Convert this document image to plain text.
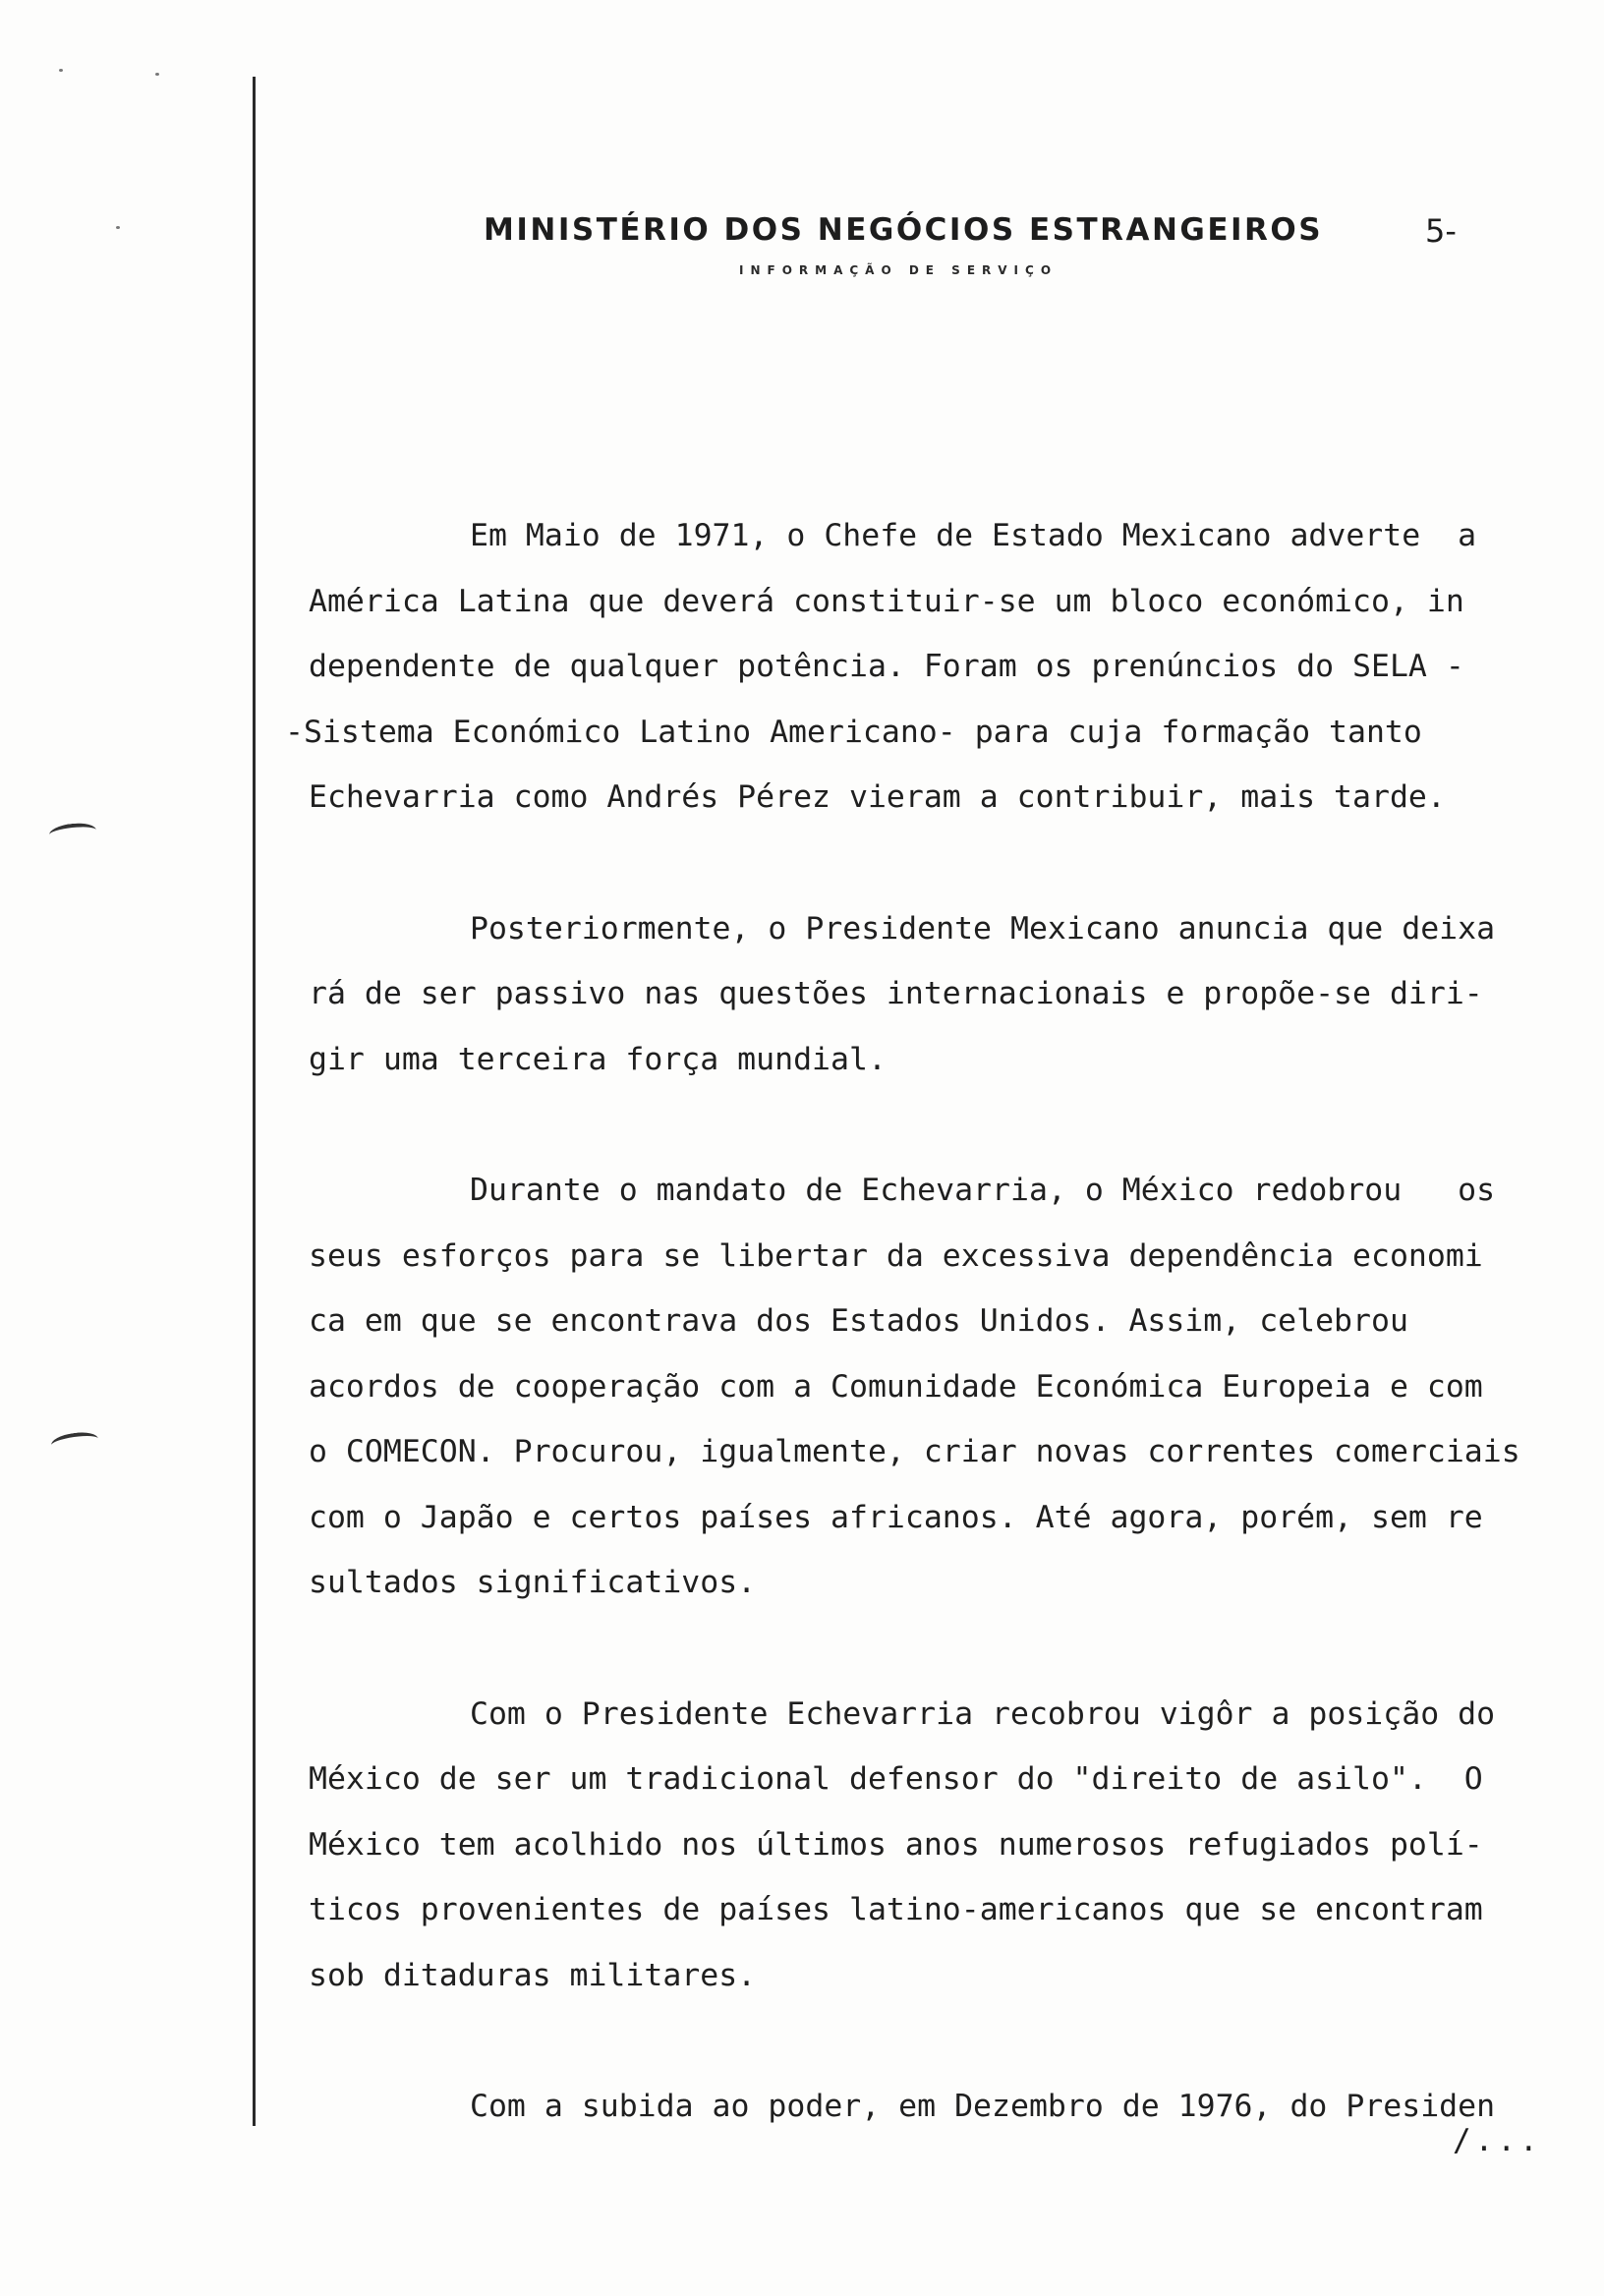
MINISTÉRIO DOS NEGÓCIOS ESTRANGEIROS	5-
INFORMAÇÃO DE SERVIÇO
Em Maio de 1971, o Chefe de Estado Mexicano adverte  a
América Latina que deverá constituir-se um bloco económico, in
dependente de qualquer potência. Foram os prenúncios do SELA -
-Sistema Económico Latino Americano- para cuja formação tanto
Echevarria como Andrés Pérez vieram a contribuir, mais tarde.
Posteriormente, o Presidente Mexicano anuncia que deixa
rá de ser passivo nas questões internacionais e propõe-se diri-
gir uma terceira força mundial.
Durante o mandato de Echevarria, o México redobrou   os
seus esforços para se libertar da excessiva dependência economi
ca em que se encontrava dos Estados Unidos. Assim, celebrou
acordos de cooperação com a Comunidade Económica Europeia e com
o COMECON. Procurou, igualmente, criar novas correntes comerciais
com o Japão e certos países africanos. Até agora, porém, sem re
sultados significativos.
Com o Presidente Echevarria recobrou vigôr a posição do
México de ser um tradicional defensor do "direito de asilo".  O
México tem acolhido nos últimos anos numerosos refugiados polí-
ticos provenientes de países latino-americanos que se encontram
sob ditaduras militares.
Com a subida ao poder, em Dezembro de 1976, do Presiden
/...
